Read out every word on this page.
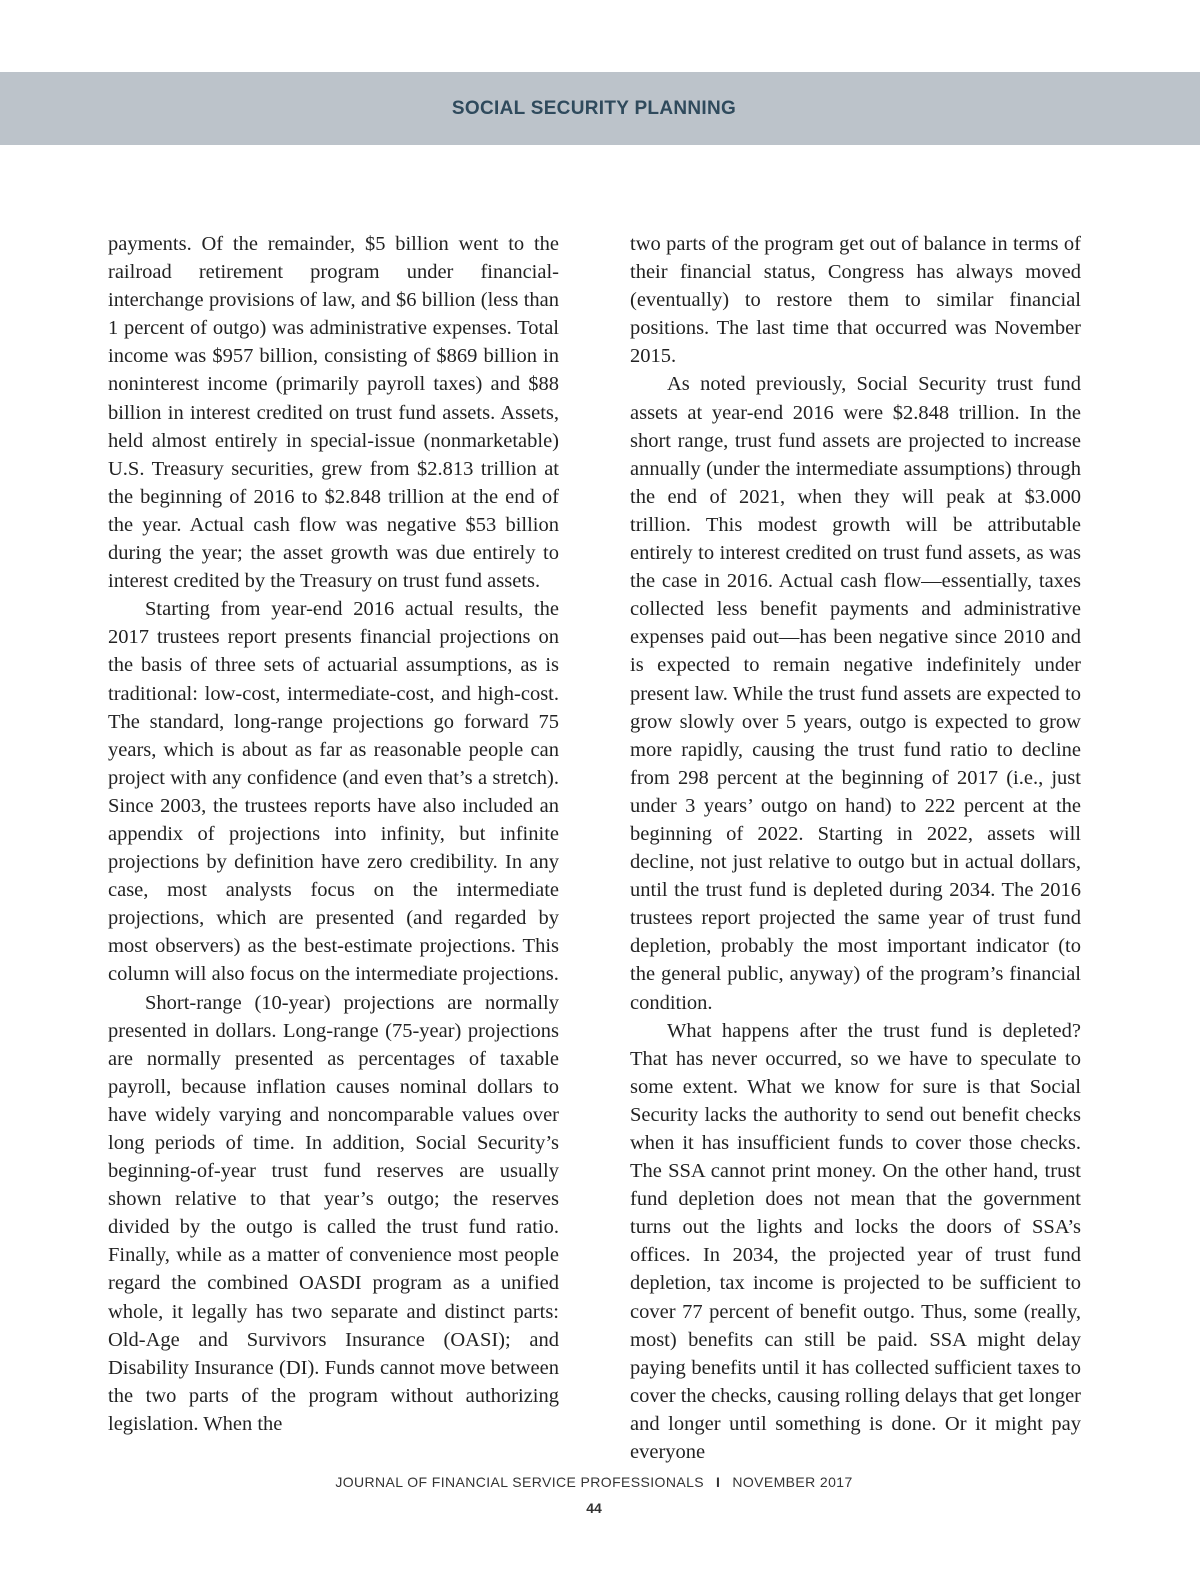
SOCIAL SECURITY PLANNING

payments. Of the remainder, $5 billion went to the railroad retirement program under financial-interchange provisions of law, and $6 billion (less than 1 percent of outgo) was administrative expenses. Total income was $957 billion, consisting of $869 billion in noninterest income (primarily payroll taxes) and $88 billion in interest credited on trust fund assets. Assets, held almost entirely in special-issue (nonmarketable) U.S. Treasury securities, grew from $2.813 trillion at the beginning of 2016 to $2.848 trillion at the end of the year. Actual cash flow was negative $53 billion during the year; the asset growth was due entirely to interest credited by the Treasury on trust fund assets.

Starting from year-end 2016 actual results, the 2017 trustees report presents financial projections on the basis of three sets of actuarial assumptions, as is traditional: low-cost, intermediate-cost, and high-cost. The standard, long-range projections go forward 75 years, which is about as far as reasonable people can project with any confidence (and even that’s a stretch). Since 2003, the trustees reports have also included an appendix of projections into infinity, but infinite projections by definition have zero credibility. In any case, most analysts focus on the intermediate projections, which are presented (and regarded by most observers) as the best-estimate projections. This column will also focus on the intermediate projections.

Short-range (10-year) projections are normally presented in dollars. Long-range (75-year) projections are normally presented as percentages of taxable payroll, because inflation causes nominal dollars to have widely varying and noncomparable values over long periods of time. In addition, Social Security’s beginning-of-year trust fund reserves are usually shown relative to that year’s outgo; the reserves divided by the outgo is called the trust fund ratio. Finally, while as a matter of convenience most people regard the combined OASDI program as a unified whole, it legally has two separate and distinct parts: Old-Age and Survivors Insurance (OASI); and Disability Insurance (DI). Funds cannot move between the two parts of the program without authorizing legislation. When the

two parts of the program get out of balance in terms of their financial status, Congress has always moved (eventually) to restore them to similar financial positions. The last time that occurred was November 2015.

As noted previously, Social Security trust fund assets at year-end 2016 were $2.848 trillion. In the short range, trust fund assets are projected to increase annually (under the intermediate assumptions) through the end of 2021, when they will peak at $3.000 trillion. This modest growth will be attributable entirely to interest credited on trust fund assets, as was the case in 2016. Actual cash flow—essentially, taxes collected less benefit payments and administrative expenses paid out—has been negative since 2010 and is expected to remain negative indefinitely under present law. While the trust fund assets are expected to grow slowly over 5 years, outgo is expected to grow more rapidly, causing the trust fund ratio to decline from 298 percent at the beginning of 2017 (i.e., just under 3 years’ outgo on hand) to 222 percent at the beginning of 2022. Starting in 2022, assets will decline, not just relative to outgo but in actual dollars, until the trust fund is depleted during 2034. The 2016 trustees report projected the same year of trust fund depletion, probably the most important indicator (to the general public, anyway) of the program’s financial condition.

What happens after the trust fund is depleted? That has never occurred, so we have to speculate to some extent. What we know for sure is that Social Security lacks the authority to send out benefit checks when it has insufficient funds to cover those checks. The SSA cannot print money. On the other hand, trust fund depletion does not mean that the government turns out the lights and locks the doors of SSA’s offices. In 2034, the projected year of trust fund depletion, tax income is projected to be sufficient to cover 77 percent of benefit outgo. Thus, some (really, most) benefits can still be paid. SSA might delay paying benefits until it has collected sufficient taxes to cover the checks, causing rolling delays that get longer and longer until something is done. Or it might pay everyone

JOURNAL OF FINANCIAL SERVICE PROFESSIONALS I NOVEMBER 2017
44
